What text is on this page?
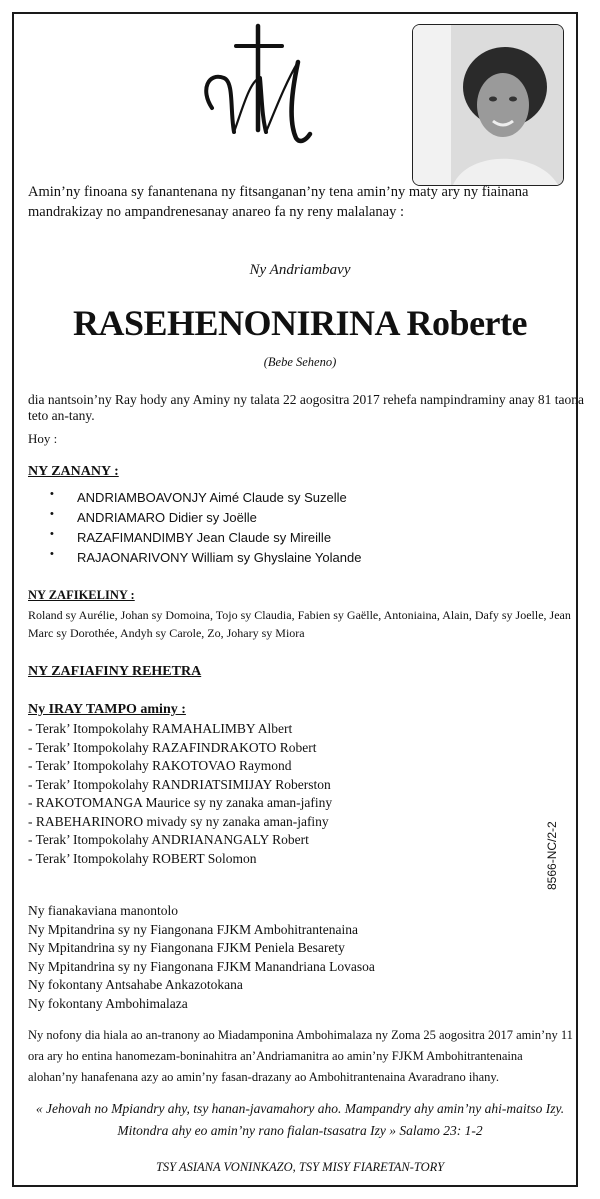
Amin’ny finoana sy fanantenana ny fitsanganan’ny tena amin’ny maty ary ny fiainana mandrakizay no ampandrenesanay anareo fa ny reny malalanay :
Ny Andriambavy
RASEHENONIRINA Roberte
(Bebe Seheno)
dia nantsoin’ny Ray hody any Aminy ny talata 22 aogositra 2017 rehefa nampindraminy anay 81 taona teto an-tany.
Hoy :
NY ZANANY :
• ANDRIAMBOAVONJY Aimé Claude sy Suzelle
• ANDRIAMARO Didier sy Joëlle
• RAZAFIMANDIMBY Jean Claude sy Mireille
• RAJAONARIVONY William sy Ghyslaine Yolande
NY ZAFIKELINY :
Roland sy Aurélie, Johan sy Domoina, Tojo sy Claudia, Fabien sy Gaëlle, Antoniaina, Alain, Dafy sy Joelle, Jean Marc sy Dorothée, Andyh sy Carole, Zo, Johary sy Miora
NY ZAFIAFINY REHETRA
Ny IRAY TAMPO aminy :
- Terak’ Itompokolahy RAMAHALIMBY Albert
- Terak’ Itompokolahy RAZAFINDRAKOTO Robert
- Terak’ Itompokolahy RAKOTOVAO Raymond
- Terak’ Itompokolahy RANDRIATSIMIJAY Roberston
- RAKOTOMANGA Maurice sy ny zanaka aman-jafiny
- RABEHARINORO mivady sy ny zanaka aman-jafiny
- Terak’ Itompokolahy ANDRIANANGALY Robert
- Terak’ Itompokolahy ROBERT Solomon
Ny fianakaviana manontolo
Ny Mpitandrina sy ny Fiangonana FJKM Ambohitrantenaina
Ny Mpitandrina sy ny Fiangonana FJKM Peniela Besarety
Ny Mpitandrina sy ny Fiangonana FJKM Manandriana Lovasoa
Ny fokontany Antsahabe Ankazotokana
Ny fokontany Ambohimalaza
8566-NC/2-2
Ny nofony dia hiala ao an-tranony ao Miadamponina Ambohimalaza ny Zoma 25 aogositra 2017 amin’ny 11 ora ary ho entina hanomezam-boninahitra an’Andriamanitra ao amin’ny FJKM Ambohitrantenaina alohan’ny hanafenana azy ao amin’ny fasan-drazany ao Ambohitrantenaina Avaradrano ihany.
« Jehovah no Mpiandry ahy, tsy hanan-javamahory aho. Mampandry ahy amin’ny ahi-maitso Izy.
Mitondra ahy eo amin’ny rano fialan-tsasatra Izy » Salamo 23: 1-2
TSY ASIANA VONINKAZO, TSY MISY FIARETAN-TORY
